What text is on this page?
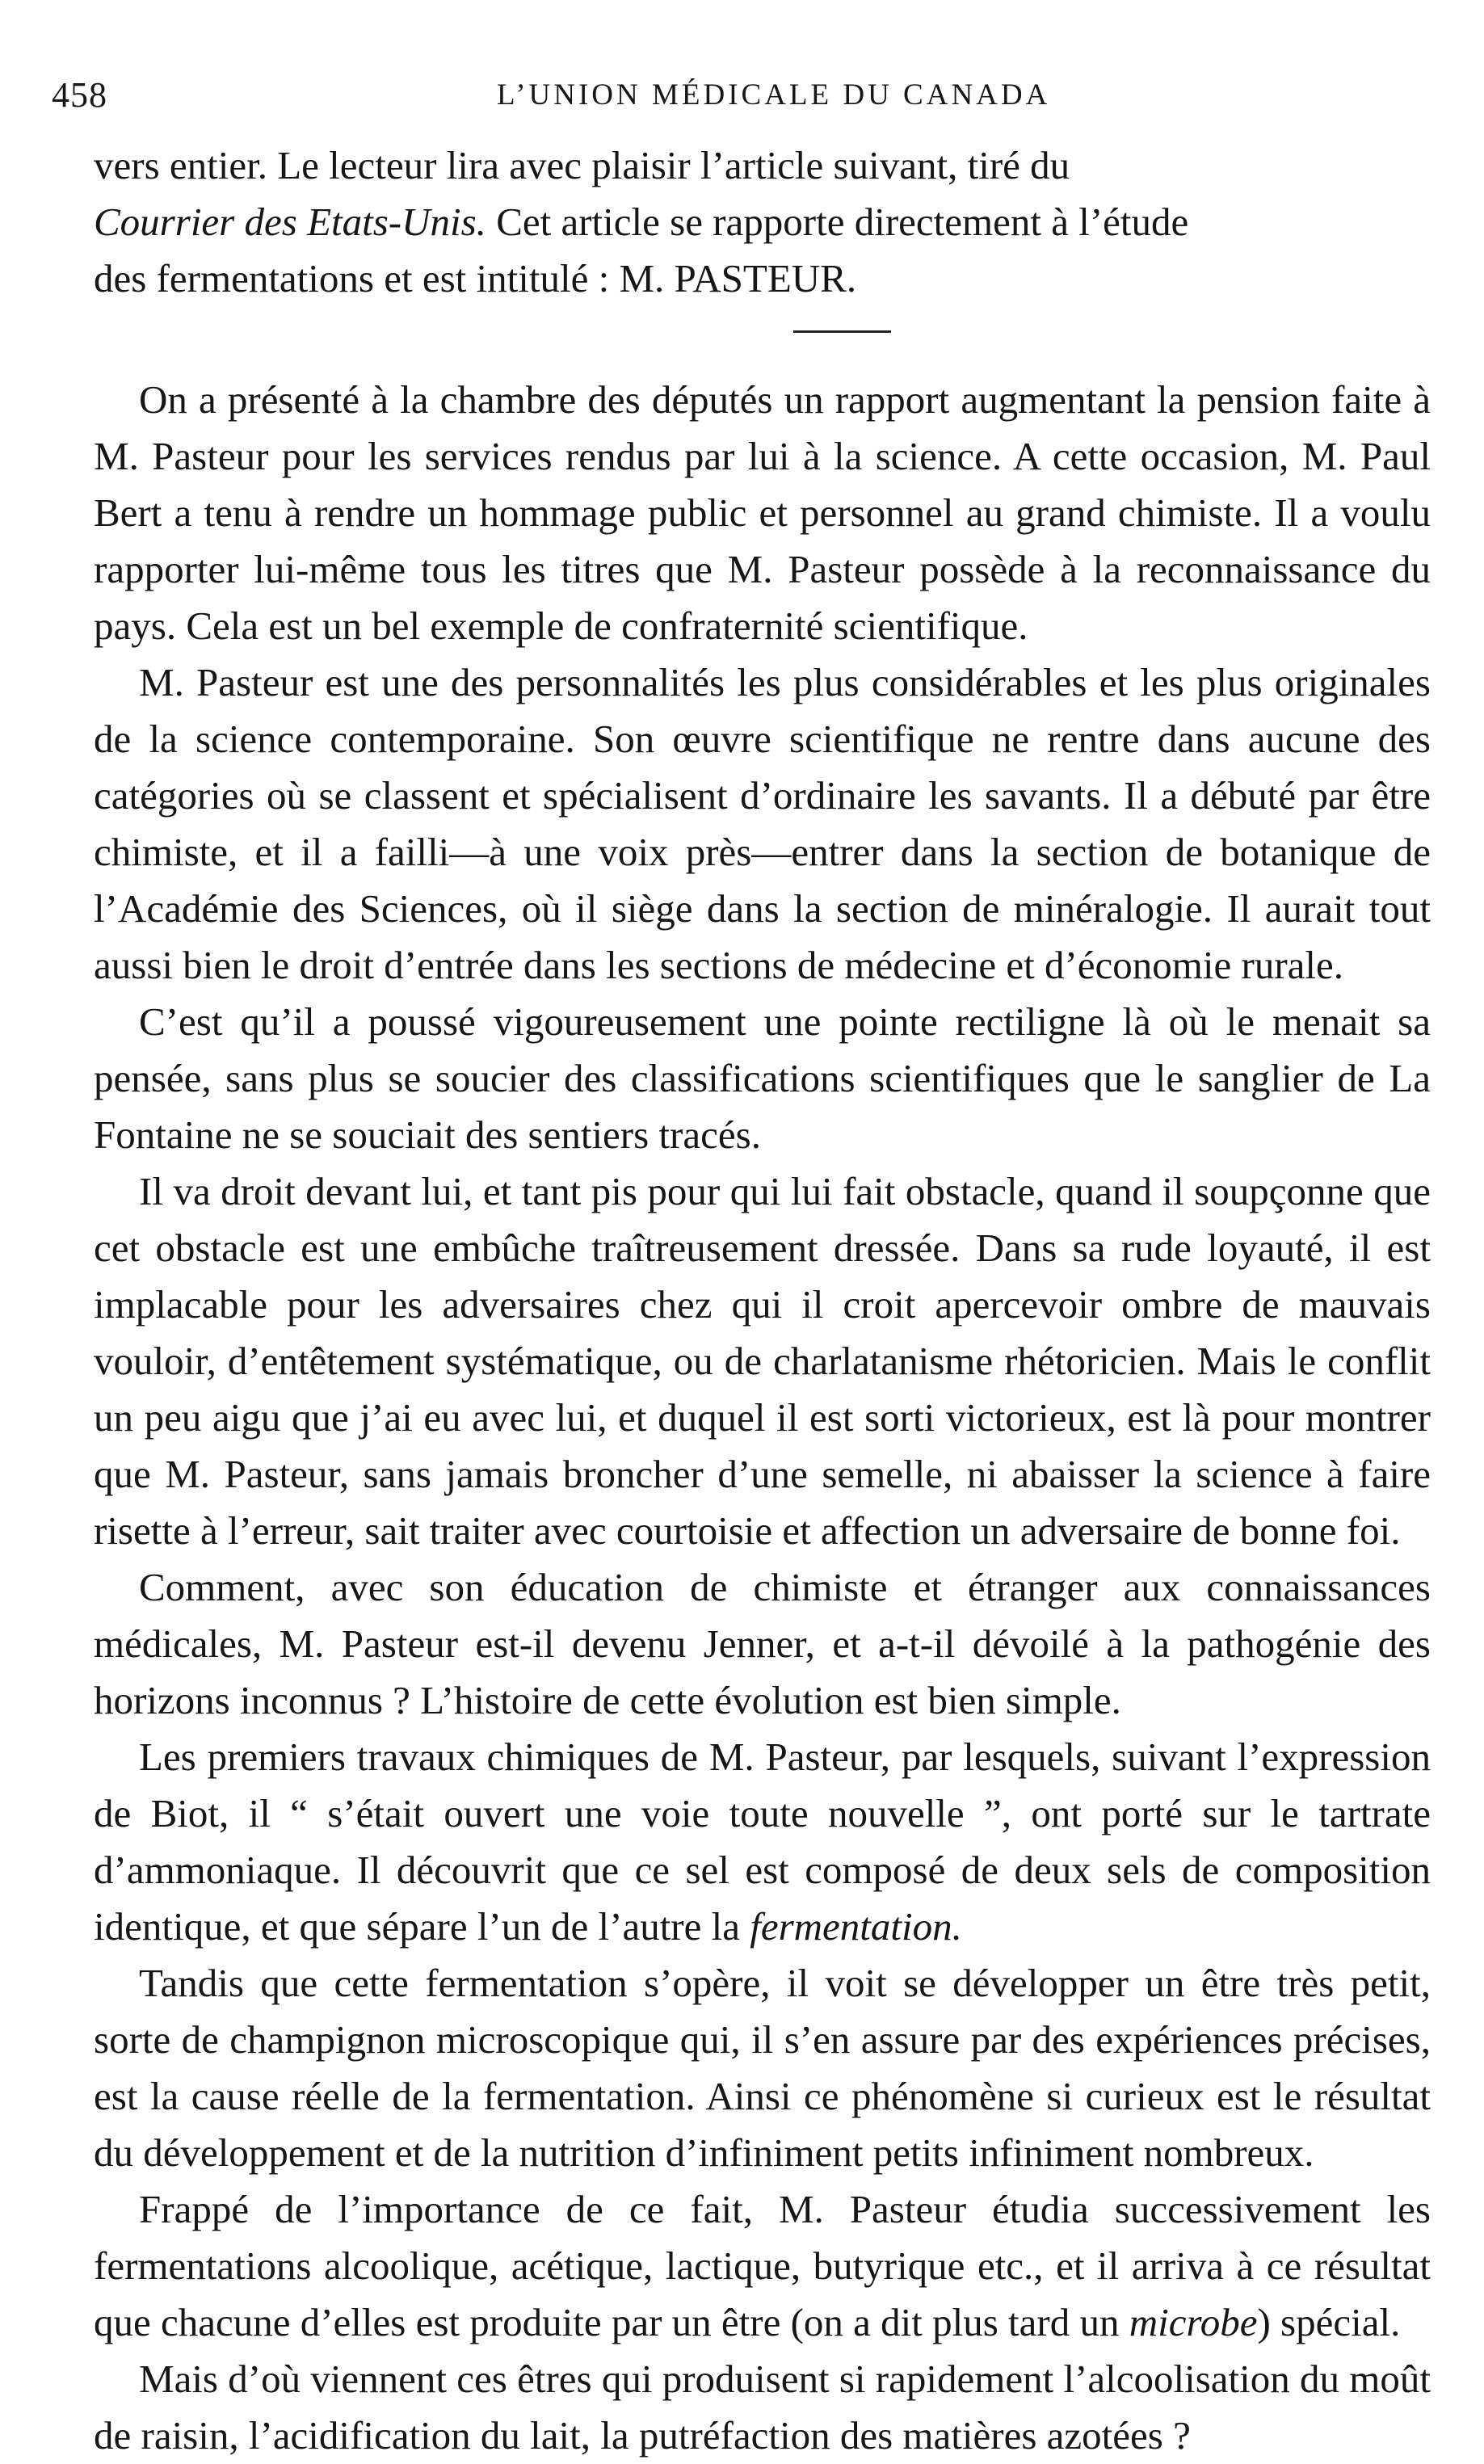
458	L’UNION MÉDICALE DU CANADA
vers entier. Le lecteur lira avec plaisir l’article suivant, tiré du
Courrier des Etats-Unis. Cet article se rapporte directement à l’étude
des fermentations et est intitulé : M. PASTEUR.

On a présenté à la chambre des députés un rapport augmentant la pension faite à M. Pasteur pour les services rendus par lui à la science. A cette occasion, M. Paul Bert a tenu à rendre un hommage public et personnel au grand chimiste. Il a voulu rapporter lui-même tous les titres que M. Pasteur possède à la reconnaissance du pays. Cela est un bel exemple de confraternité scientifique.

M. Pasteur est une des personnalités les plus considérables et les plus originales de la science contemporaine. Son œuvre scientifique ne rentre dans aucune des catégories où se classent et spécialisent d’ordinaire les savants. Il a débuté par être chimiste, et il a failli—à une voix près—entrer dans la section de botanique de l’Académie des Sciences, où il siège dans la section de minéralogie. Il aurait tout aussi bien le droit d’entrée dans les sections de médecine et d’économie rurale.

C’est qu’il a poussé vigoureusement une pointe rectiligne là où le menait sa pensée, sans plus se soucier des classifications scientifiques que le sanglier de La Fontaine ne se souciait des sentiers tracés.

Il va droit devant lui, et tant pis pour qui lui fait obstacle, quand il soupçonne que cet obstacle est une embûche traîtreusement dressée. Dans sa rude loyauté, il est implacable pour les adversaires chez qui il croit apercevoir ombre de mauvais vouloir, d’entêtement systématique, ou de charlatanisme rhétoricien. Mais le conflit un peu aigu que j’ai eu avec lui, et duquel il est sorti victorieux, est là pour montrer que M. Pasteur, sans jamais broncher d’une semelle, ni abaisser la science à faire risette à l’erreur, sait traiter avec courtoisie et affection un adversaire de bonne foi.

Comment, avec son éducation de chimiste et étranger aux connaissances médicales, M. Pasteur est-il devenu Jenner, et a-t-il dévoilé à la pathogénie des horizons inconnus ? L’histoire de cette évolution est bien simple.

Les premiers travaux chimiques de M. Pasteur, par lesquels, suivant l’expression de Biot, il “ s’était ouvert une voie toute nouvelle ”, ont porté sur le tartrate d’ammoniaque. Il découvrit que ce sel est composé de deux sels de composition identique, et que sépare l’un de l’autre la fermentation.

Tandis que cette fermentation s’opère, il voit se développer un être très petit, sorte de champignon microscopique qui, il s’en assure par des expériences précises, est la cause réelle de la fermentation. Ainsi ce phénomène si curieux est le résultat du développement et de la nutrition d’infiniment petits infiniment nombreux.

Frappé de l’importance de ce fait, M. Pasteur étudia successivement les fermentations alcoolique, acétique, lactique, butyrique etc., et il arriva à ce résultat que chacune d’elles est produite par un être (on a dit plus tard un microbe) spécial.

Mais d’où viennent ces êtres qui produisent si rapidement l’alcoolisation du moût de raisin, l’acidification du lait, la putréfaction des matières azotées ?
